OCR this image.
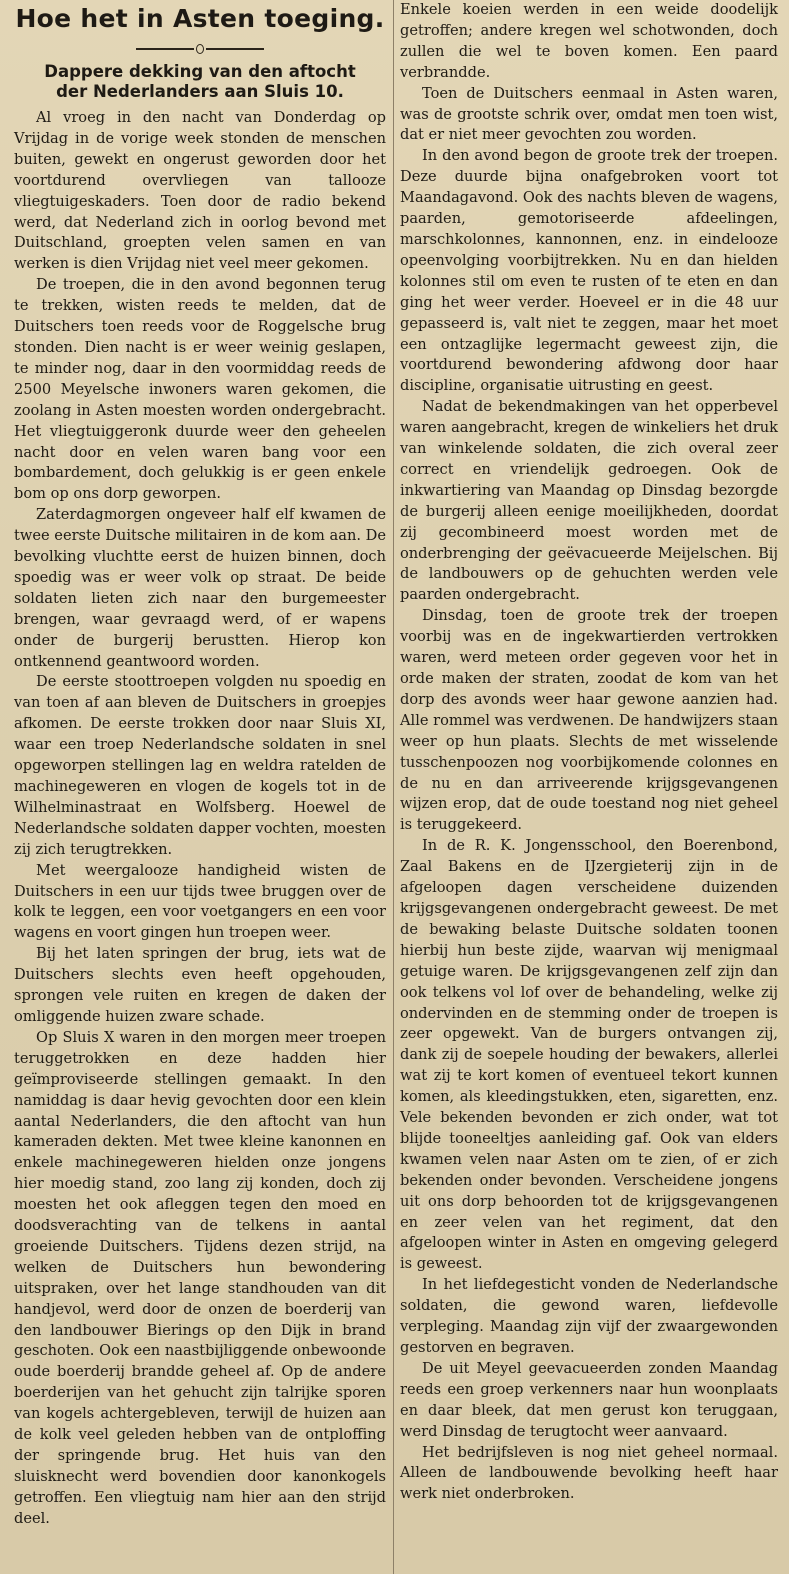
Hoe het in Asten toeging.
Dappere dekking van den aftocht
der Nederlanders aan Sluis 10.

Al vroeg in den nacht van Donderdag op Vrijdag in de vorige week stonden de menschen buiten, gewekt en ongerust geworden door het voortdurend overvliegen van tallooze vliegtuigeskaders. Toen door de radio bekend werd, dat Nederland zich in oorlog bevond met Duitschland, groepten velen samen en van werken is dien Vrijdag niet veel meer gekomen.

De troepen, die in den avond begonnen terug te trekken, wisten reeds te melden, dat de Duitschers toen reeds voor de Roggelsche brug stonden. Dien nacht is er weer weinig geslapen, te minder nog, daar in den voormiddag reeds de 2500 Meyelsche inwoners waren gekomen, die zoolang in Asten moesten worden ondergebracht. Het vliegtuiggeronk duurde weer den geheelen nacht door en velen waren bang voor een bombardement, doch gelukkig is er geen enkele bom op ons dorp geworpen.

Zaterdagmorgen ongeveer half elf kwamen de twee eerste Duitsche militairen in de kom aan. De bevolking vluchtte eerst de huizen binnen, doch spoedig was er weer volk op straat. De beide soldaten lieten zich naar den burgemeester brengen, waar gevraagd werd, of er wapens onder de burgerij berustten. Hierop kon ontkennend geantwoord worden.

De eerste stoottroepen volgden nu spoedig en van toen af aan bleven de Duitschers in groepjes afkomen. De eerste trokken door naar Sluis XI, waar een troep Nederlandsche soldaten in snel opgeworpen stellingen lag en weldra ratelden de machinegeweren en vlogen de kogels tot in de Wilhelminastraat en Wolfsberg. Hoewel de Nederlandsche soldaten dapper vochten, moesten zij zich terugtrekken.

Met weergalooze handigheid wisten de Duitschers in een uur tijds twee bruggen over de kolk te leggen, een voor voetgangers en een voor wagens en voort gingen hun troepen weer.

Bij het laten springen der brug, iets wat de Duitschers slechts even heeft opgehouden, sprongen vele ruiten en kregen de daken der omliggende huizen zware schade.

Op Sluis X waren in den morgen meer troepen teruggetrokken en deze hadden hier geïmproviseerde stellingen gemaakt. In den namiddag is daar hevig gevochten door een klein aantal Nederlanders, die den aftocht van hun kameraden dekten. Met twee kleine kanonnen en enkele machinegeweren hielden onze jongens hier moedig stand, zoo lang zij konden, doch zij moesten het ook afleggen tegen den moed en doodsverachting van de telkens in aantal groeiende Duitschers. Tijdens dezen strijd, na welken de Duitschers hun bewondering uitspraken, over het lange standhouden van dit handjevol, werd door de onzen de boerderij van den landbouwer Bierings op den Dijk in brand geschoten. Ook een naastbijliggende onbewoonde oude boerderij brandde geheel af. Op de andere boerderijen van het gehucht zijn talrijke sporen van kogels achtergebleven, terwijl de huizen aan de kolk veel geleden hebben van de ontploffing der springende brug. Het huis van den sluisknecht werd bovendien door kanonkogels getroffen. Een vliegtuig nam hier aan den strijd deel.

Enkele koeien werden in een weide doodelijk getroffen; andere kregen wel schotwonden, doch zullen die wel te boven komen. Een paard verbrandde.

Toen de Duitschers eenmaal in Asten waren, was de grootste schrik over, omdat men toen wist, dat er niet meer gevochten zou worden.

In den avond begon de groote trek der troepen. Deze duurde bijna onafgebroken voort tot Maandagavond. Ook des nachts bleven de wagens, paarden, gemotoriseerde afdeelingen, marschkolonnes, kannonnen, enz. in eindelooze opeenvolging voorbijtrekken. Nu en dan hielden kolonnes stil om even te rusten of te eten en dan ging het weer verder. Hoeveel er in die 48 uur gepasseerd is, valt niet te zeggen, maar het moet een ontzaglijke legermacht geweest zijn, die voortdurend bewondering afdwong door haar discipline, organisatie uitrusting en geest.

Nadat de bekendmakingen van het opperbevel waren aangebracht, kregen de winkeliers het druk van winkelende soldaten, die zich overal zeer correct en vriendelijk gedroegen. Ook de inkwartiering van Maandag op Dinsdag bezorgde de burgerij alleen eenige moeilijkheden, doordat zij gecombineerd moest worden met de onderbrenging der geëvacueerde Meijelschen. Bij de landbouwers op de gehuchten werden vele paarden ondergebracht.

Dinsdag, toen de groote trek der troepen voorbij was en de ingekwartierden vertrokken waren, werd meteen order gegeven voor het in orde maken der straten, zoodat de kom van het dorp des avonds weer haar gewone aanzien had. Alle rommel was verdwenen. De handwijzers staan weer op hun plaats. Slechts de met wisselende tusschenpoozen nog voorbijkomende colonnes en de nu en dan arriveerende krijgsgevangenen wijzen erop, dat de oude toestand nog niet geheel is teruggekeerd.

In de R. K. Jongensschool, den Boerenbond, Zaal Bakens en de IJzergieterij zijn in de afgeloopen dagen verscheidene duizenden krijgsgevangenen ondergebracht geweest. De met de bewaking belaste Duitsche soldaten toonen hierbij hun beste zijde, waarvan wij menigmaal getuige waren. De krijgsgevangenen zelf zijn dan ook telkens vol lof over de behandeling, welke zij ondervinden en de stemming onder de troepen is zeer opgewekt. Van de burgers ontvangen zij, dank zij de soepele houding der bewakers, allerlei wat zij te kort komen of eventueel tekort kunnen komen, als kleedingstukken, eten, sigaretten, enz. Vele bekenden bevonden er zich onder, wat tot blijde tooneeltjes aanleiding gaf. Ook van elders kwamen velen naar Asten om te zien, of er zich bekenden onder bevonden. Verscheidene jongens uit ons dorp behoorden tot de krijgsgevangenen en zeer velen van het regiment, dat den afgeloopen winter in Asten en omgeving gelegerd is geweest.

In het liefdegesticht vonden de Nederlandsche soldaten, die gewond waren, liefdevolle verpleging. Maandag zijn vijf der zwaargewonden gestorven en begraven.

De uit Meyel geevacueerden zonden Maandag reeds een groep verkenners naar hun woonplaats en daar bleek, dat men gerust kon teruggaan, werd Dinsdag de terugtocht weer aanvaard.

Het bedrijfsleven is nog niet geheel normaal. Alleen de landbouwende bevolking heeft haar werk niet onderbroken.
